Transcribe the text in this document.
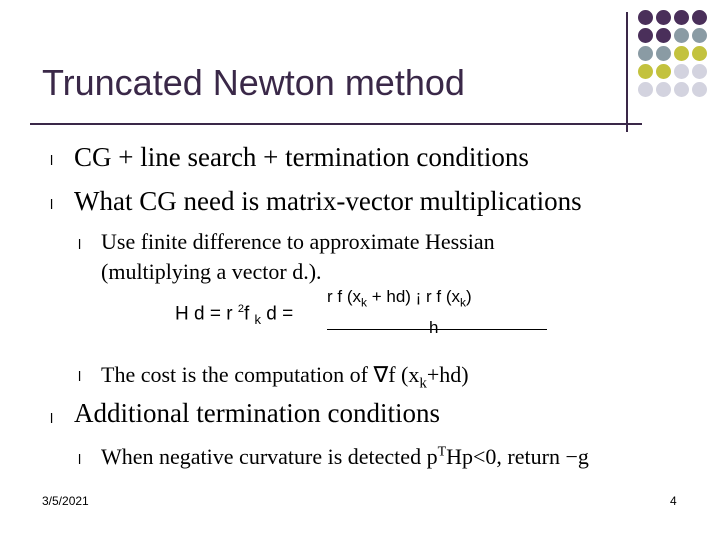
Truncated Newton method
l CG + line search + termination conditions
l What CG need is matrix-vector multiplications
l Use finite difference to approximate Hessian
(multiplying a vector d.).
H d = r $^2$f $_k$ d =
r f $(x_k + hd)$ ¡ r f $(x_k)$
h
l The cost is the computation of ∇f $(x_k+hd)$
l Additional termination conditions
l When negative curvature is detected $p^THp<0$, return −g
3/5/2021	4
